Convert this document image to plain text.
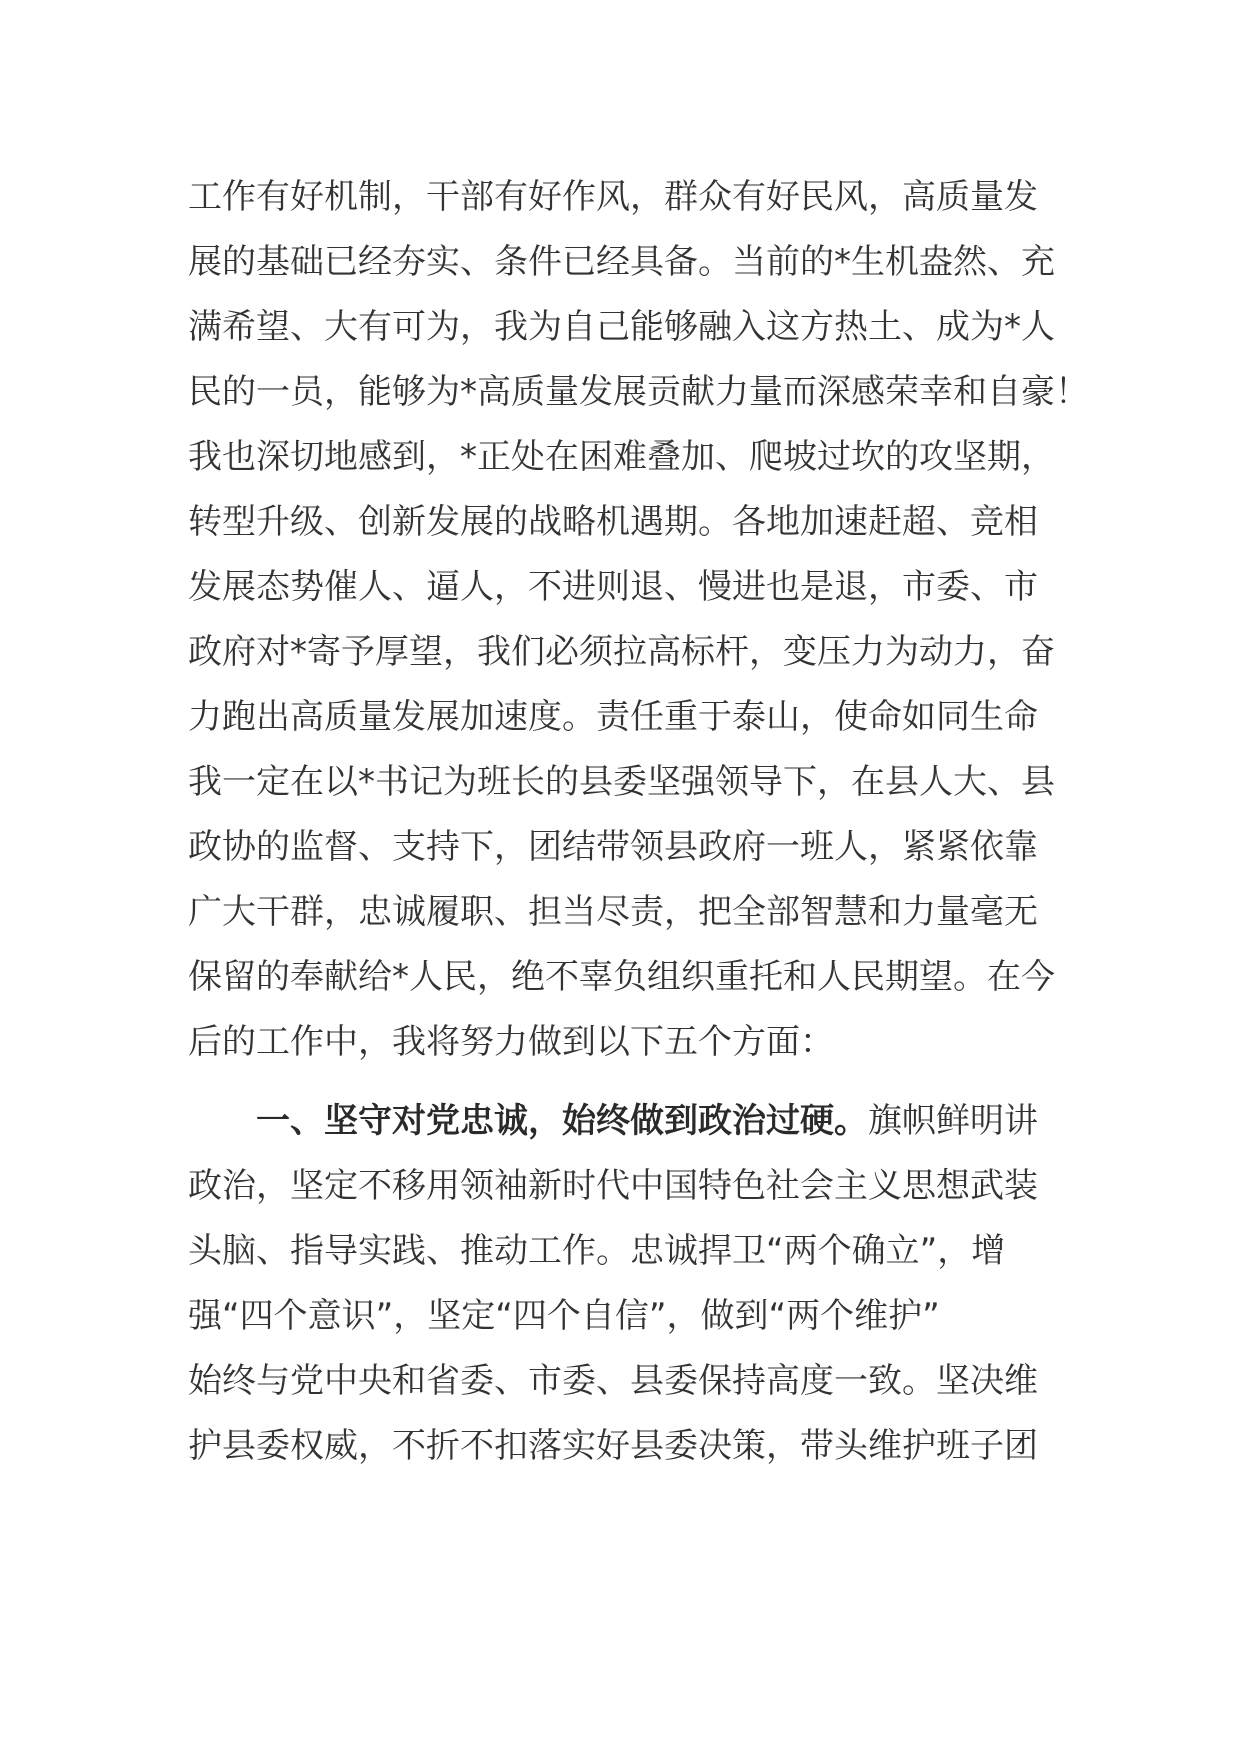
工作有好机制，干部有好作风，群众有好民风，高质量发
展的基础已经夯实、条件已经具备。当前的*生机盎然、充
满希望、大有可为，我为自己能够融入这方热土、成为*人
民的一员，能够为*高质量发展贡献力量而深感荣幸和自豪！
我也深切地感到，*正处在困难叠加、爬坡过坎的攻坚期，
转型升级、创新发展的战略机遇期。各地加速赶超、竞相
发展态势催人、逼人，不进则退、慢进也是退，市委、市
政府对*寄予厚望，我们必须拉高标杆，变压力为动力，奋
力跑出高质量发展加速度。责任重于泰山，使命如同生命
我一定在以*书记为班长的县委坚强领导下，在县人大、县
政协的监督、支持下，团结带领县政府一班人，紧紧依靠
广大干群，忠诚履职、担当尽责，把全部智慧和力量毫无
保留的奉献给*人民，绝不辜负组织重托和人民期望。在今
后的工作中，我将努力做到以下五个方面：
一、坚守对党忠诚，始终做到政治过硬。旗帜鲜明讲
政治，坚定不移用领袖新时代中国特色社会主义思想武装
头脑、指导实践、推动工作。忠诚捍卫“两个确立”，增
强“四个意识”，坚定“四个自信”，做到“两个维护”
始终与党中央和省委、市委、县委保持高度一致。坚决维
护县委权威，不折不扣落实好县委决策，带头维护班子团
